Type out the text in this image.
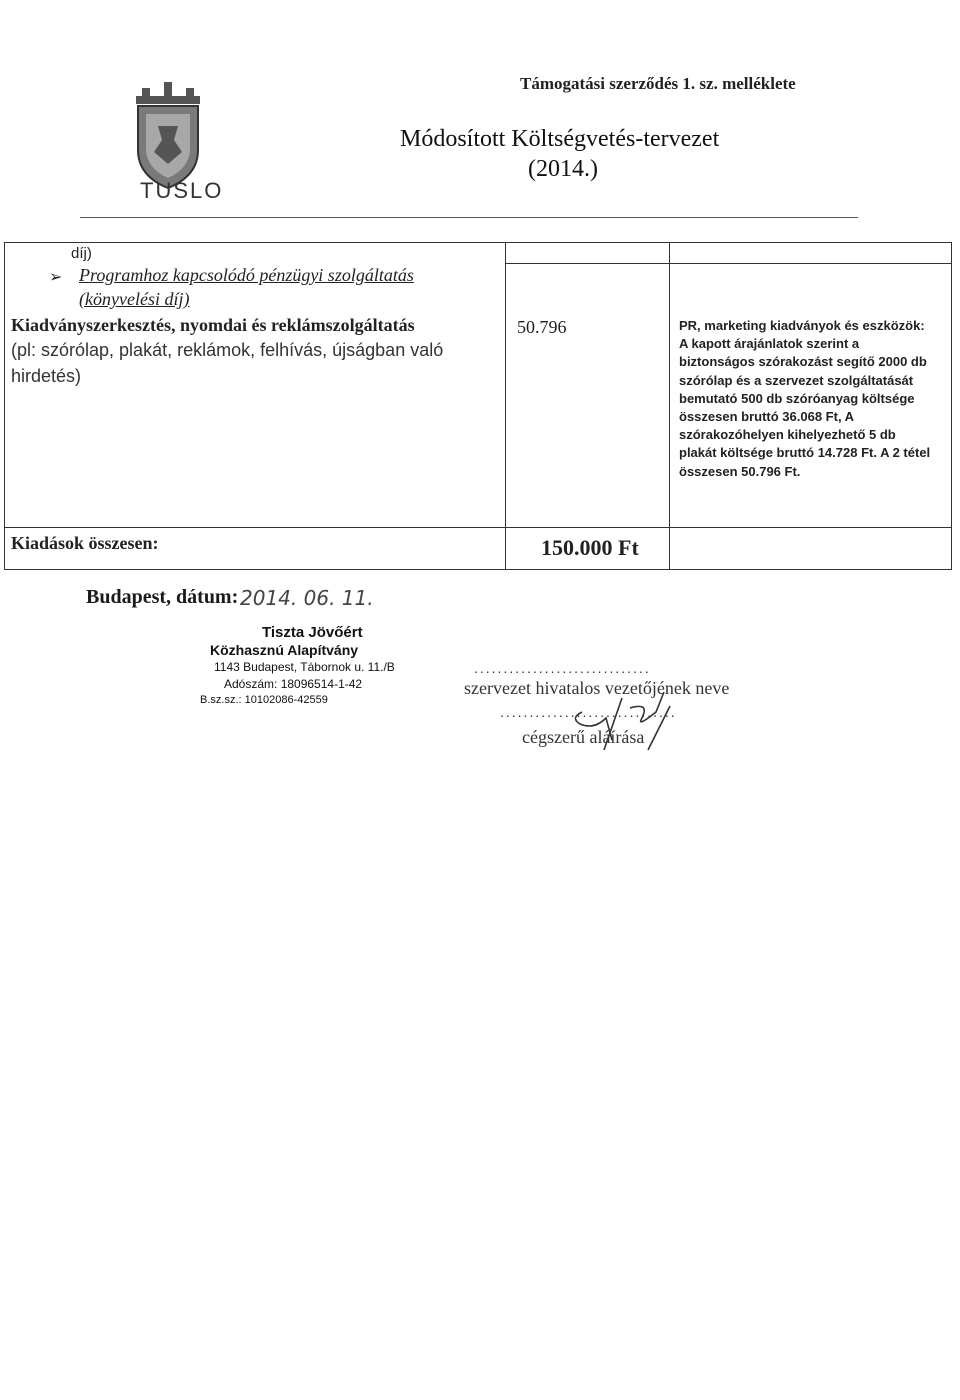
TUSLO
Támogatási szerződés 1. sz. melléklete
Módosított Költségvetés-tervezet
(2014.)
díj)
➢ Programhoz kapcsolódó pénzügyi szolgáltatás
(könyvelési díj)
Kiadványszerkesztés, nyomdai és reklámszolgáltatás
(pl: szórólap, plakát, reklámok, felhívás, újságban való hirdetés)
50.796	PR, marketing kiadványok és eszközök: A kapott árajánlatok szerint a biztonságos szórakozást segítő 2000 db szórólap és a szervezet szolgáltatását bemutató 500 db szóróanyag költsége összesen bruttó 36.068 Ft, A szórakozóhelyen kihelyezhető 5 db plakát költsége bruttó 14.728 Ft. A 2 tétel összesen 50.796 Ft.
Kiadások összesen:	150.000 Ft
Budapest, dátum: 2014. 06. 11.
Tiszta Jövőért
Közhasznú Alapítvány
1143 Budapest, Tábornok u. 11./B
Adószám: 18096514-1-42
B.sz.sz.: 10102086-42559
..............................
szervezet hivatalos vezetőjének neve
..............................
cégszerű aláírása
